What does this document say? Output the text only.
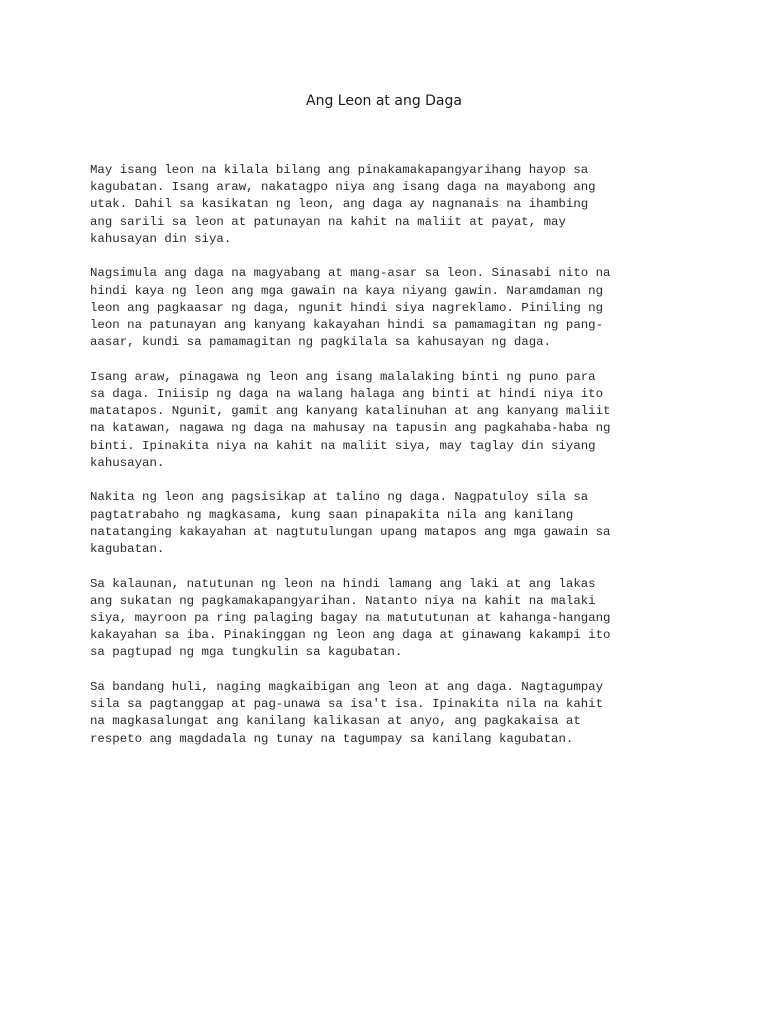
Ang Leon at ang Daga

May isang leon na kilala bilang ang pinakamakapangyarihang hayop sa
kagubatan. Isang araw, nakatagpo niya ang isang daga na mayabong ang
utak. Dahil sa kasikatan ng leon, ang daga ay nagnanais na ihambing
ang sarili sa leon at patunayan na kahit na maliit at payat, may
kahusayan din siya.

Nagsimula ang daga na magyabang at mang-asar sa leon. Sinasabi nito na
hindi kaya ng leon ang mga gawain na kaya niyang gawin. Naramdaman ng
leon ang pagkaasar ng daga, ngunit hindi siya nagreklamo. Piniling ng
leon na patunayan ang kanyang kakayahan hindi sa pamamagitan ng pang-
aasar, kundi sa pamamagitan ng pagkilala sa kahusayan ng daga.

Isang araw, pinagawa ng leon ang isang malalaking binti ng puno para
sa daga. Iniisip ng daga na walang halaga ang binti at hindi niya ito
matatapos. Ngunit, gamit ang kanyang katalinuhan at ang kanyang maliit
na katawan, nagawa ng daga na mahusay na tapusin ang pagkahaba-haba ng
binti. Ipinakita niya na kahit na maliit siya, may taglay din siyang
kahusayan.

Nakita ng leon ang pagsisikap at talino ng daga. Nagpatuloy sila sa
pagtatrabaho ng magkasama, kung saan pinapakita nila ang kanilang
natatanging kakayahan at nagtutulungan upang matapos ang mga gawain sa
kagubatan.

Sa kalaunan, natutunan ng leon na hindi lamang ang laki at ang lakas
ang sukatan ng pagkamakapangyarihan. Natanto niya na kahit na malaki
siya, mayroon pa ring palaging bagay na matututunan at kahanga-hangang
kakayahan sa iba. Pinakinggan ng leon ang daga at ginawang kakampi ito
sa pagtupad ng mga tungkulin sa kagubatan.

Sa bandang huli, naging magkaibigan ang leon at ang daga. Nagtagumpay
sila sa pagtanggap at pag-unawa sa isa't isa. Ipinakita nila na kahit
na magkasalungat ang kanilang kalikasan at anyo, ang pagkakaisa at
respeto ang magdadala ng tunay na tagumpay sa kanilang kagubatan.
